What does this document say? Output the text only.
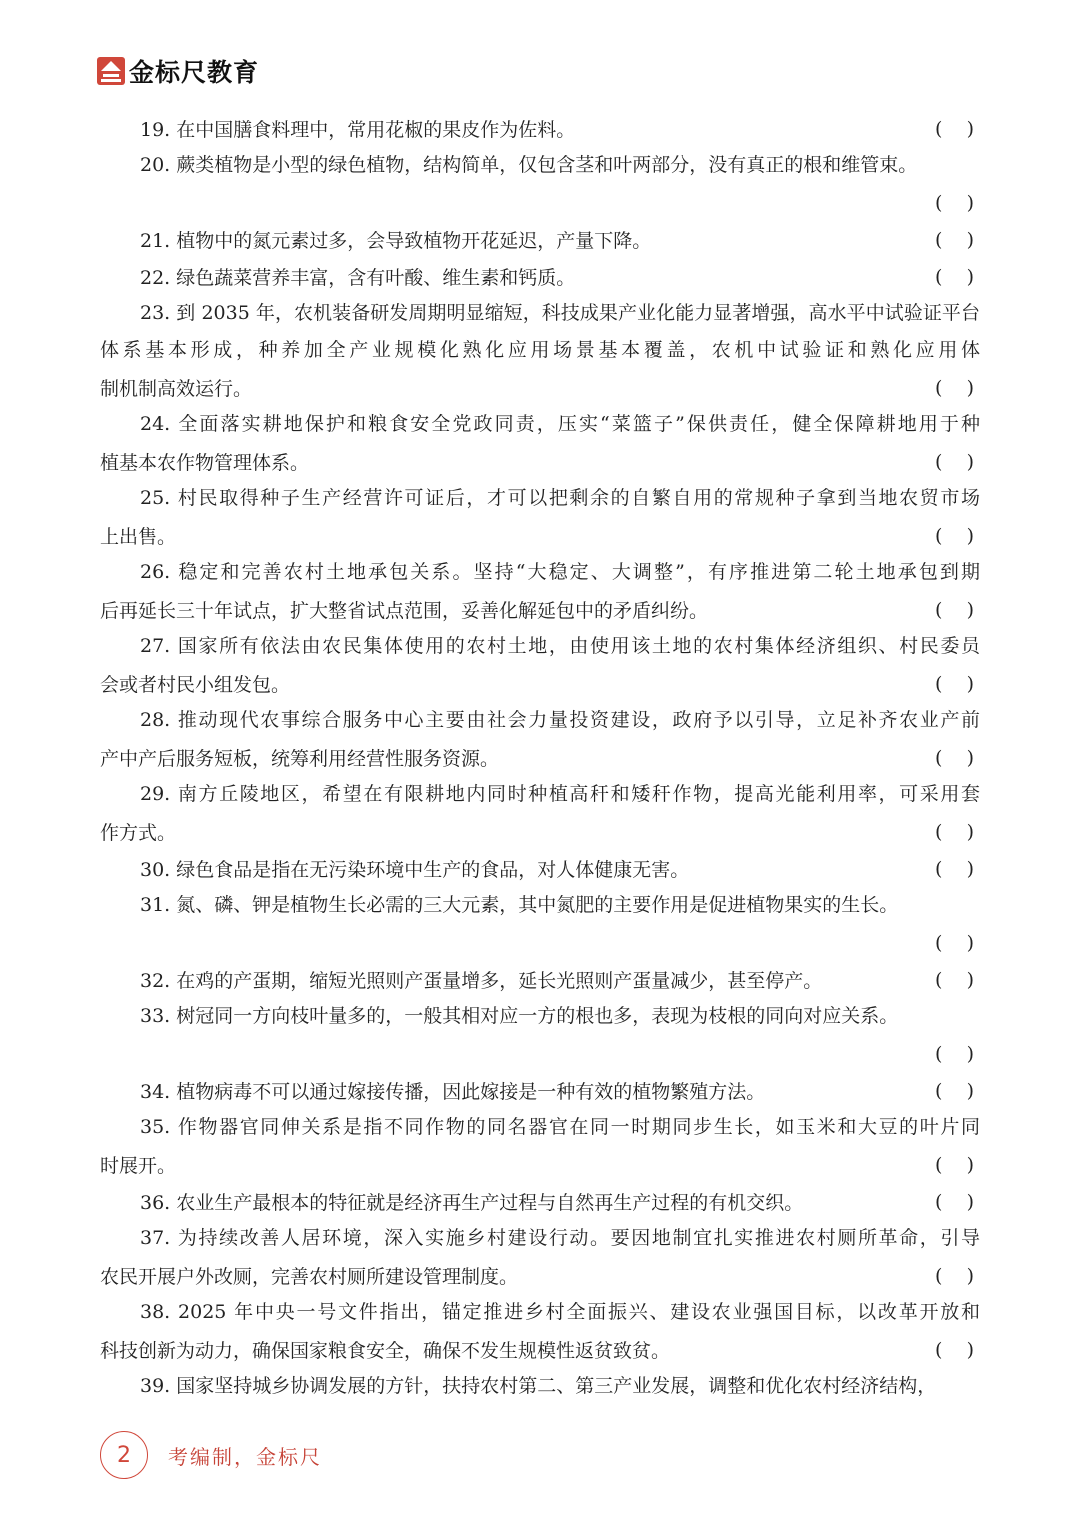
金标尺教育
19. 在中国膳食料理中，常用花椒的果皮作为佐料。	(    )
20. 蕨类植物是小型的绿色植物，结构简单，仅包含茎和叶两部分，没有真正的根和维管束。
(    )
21. 植物中的氮元素过多，会导致植物开花延迟，产量下降。	(    )
22. 绿色蔬菜营养丰富，含有叶酸、维生素和钙质。	(    )
23. 到 2035 年，农机装备研发周期明显缩短，科技成果产业化能力显著增强，高水平中试验证平台体系基本形成，种养加全产业规模化熟化应用场景基本覆盖，农机中试验证和熟化应用体
制机制高效运行。	(    )
24. 全面落实耕地保护和粮食安全党政同责，压实“菜篮子”保供责任，健全保障耕地用于种
植基本农作物管理体系。	(    )
25. 村民取得种子生产经营许可证后，才可以把剩余的自繁自用的常规种子拿到当地农贸市场
上出售。	(    )
26. 稳定和完善农村土地承包关系。坚持“大稳定、大调整”，有序推进第二轮土地承包到期
后再延长三十年试点，扩大整省试点范围，妥善化解延包中的矛盾纠纷。	(    )
27. 国家所有依法由农民集体使用的农村土地，由使用该土地的农村集体经济组织、村民委员
会或者村民小组发包。	(    )
28. 推动现代农事综合服务中心主要由社会力量投资建设，政府予以引导，立足补齐农业产前
产中产后服务短板，统筹利用经营性服务资源。	(    )
29. 南方丘陵地区，希望在有限耕地内同时种植高秆和矮秆作物，提高光能利用率，可采用套
作方式。	(    )
30. 绿色食品是指在无污染环境中生产的食品，对人体健康无害。	(    )
31. 氮、磷、钾是植物生长必需的三大元素，其中氮肥的主要作用是促进植物果实的生长。
(    )
32. 在鸡的产蛋期，缩短光照则产蛋量增多，延长光照则产蛋量减少，甚至停产。	(    )
33. 树冠同一方向枝叶量多的，一般其相对应一方的根也多，表现为枝根的同向对应关系。
(    )
34. 植物病毒不可以通过嫁接传播，因此嫁接是一种有效的植物繁殖方法。	(    )
35. 作物器官同伸关系是指不同作物的同名器官在同一时期同步生长，如玉米和大豆的叶片同
时展开。	(    )
36. 农业生产最根本的特征就是经济再生产过程与自然再生产过程的有机交织。	(    )
37. 为持续改善人居环境，深入实施乡村建设行动。要因地制宜扎实推进农村厕所革命，引导
农民开展户外改厕，完善农村厕所建设管理制度。	(    )
38. 2025 年中央一号文件指出，锚定推进乡村全面振兴、建设农业强国目标，以改革开放和
科技创新为动力，确保国家粮食安全，确保不发生规模性返贫致贫。	(    )
39. 国家坚持城乡协调发展的方针，扶持农村第二、第三产业发展，调整和优化农村经济结构，
2 考编制，金标尺
